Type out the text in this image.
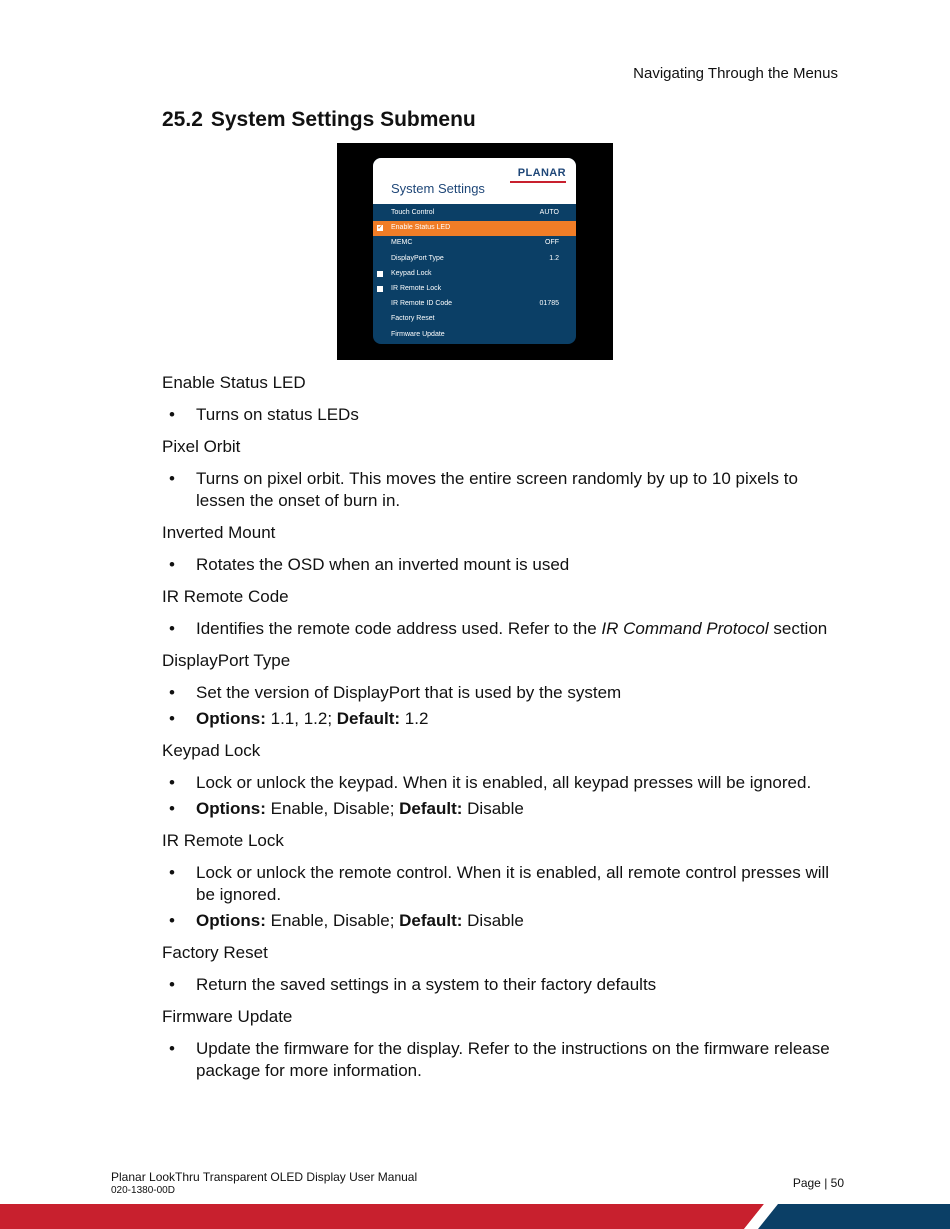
Navigating Through the Menus
25.2 System Settings Submenu
PLANAR
System Settings
Touch Control	AUTO
✔ Enable Status LED
MEMC	OFF
DisplayPort Type	1.2
Keypad Lock
IR Remote Lock
IR Remote ID Code	01785
Factory Reset
Firmware Update

Enable Status LED

• Turns on status LEDs

Pixel Orbit

• Turns on pixel orbit. This moves the entire screen randomly by up to 10 pixels to lessen the onset of burn in.

Inverted Mount

• Rotates the OSD when an inverted mount is used

IR Remote Code

• Identifies the remote code address used. Refer to the IR Command Protocol section

DisplayPort Type

• Set the version of DisplayPort that is used by the system
• Options: 1.1, 1.2; Default: 1.2

Keypad Lock

• Lock or unlock the keypad. When it is enabled, all keypad presses will be ignored.
• Options: Enable, Disable; Default: Disable

IR Remote Lock

• Lock or unlock the remote control. When it is enabled, all remote control presses will be ignored.
• Options: Enable, Disable; Default: Disable

Factory Reset

• Return the saved settings in a system to their factory defaults

Firmware Update

• Update the firmware for the display. Refer to the instructions on the firmware release package for more information.
Planar LookThru Transparent OLED Display User Manual
020-1380-00D
Page | 50
